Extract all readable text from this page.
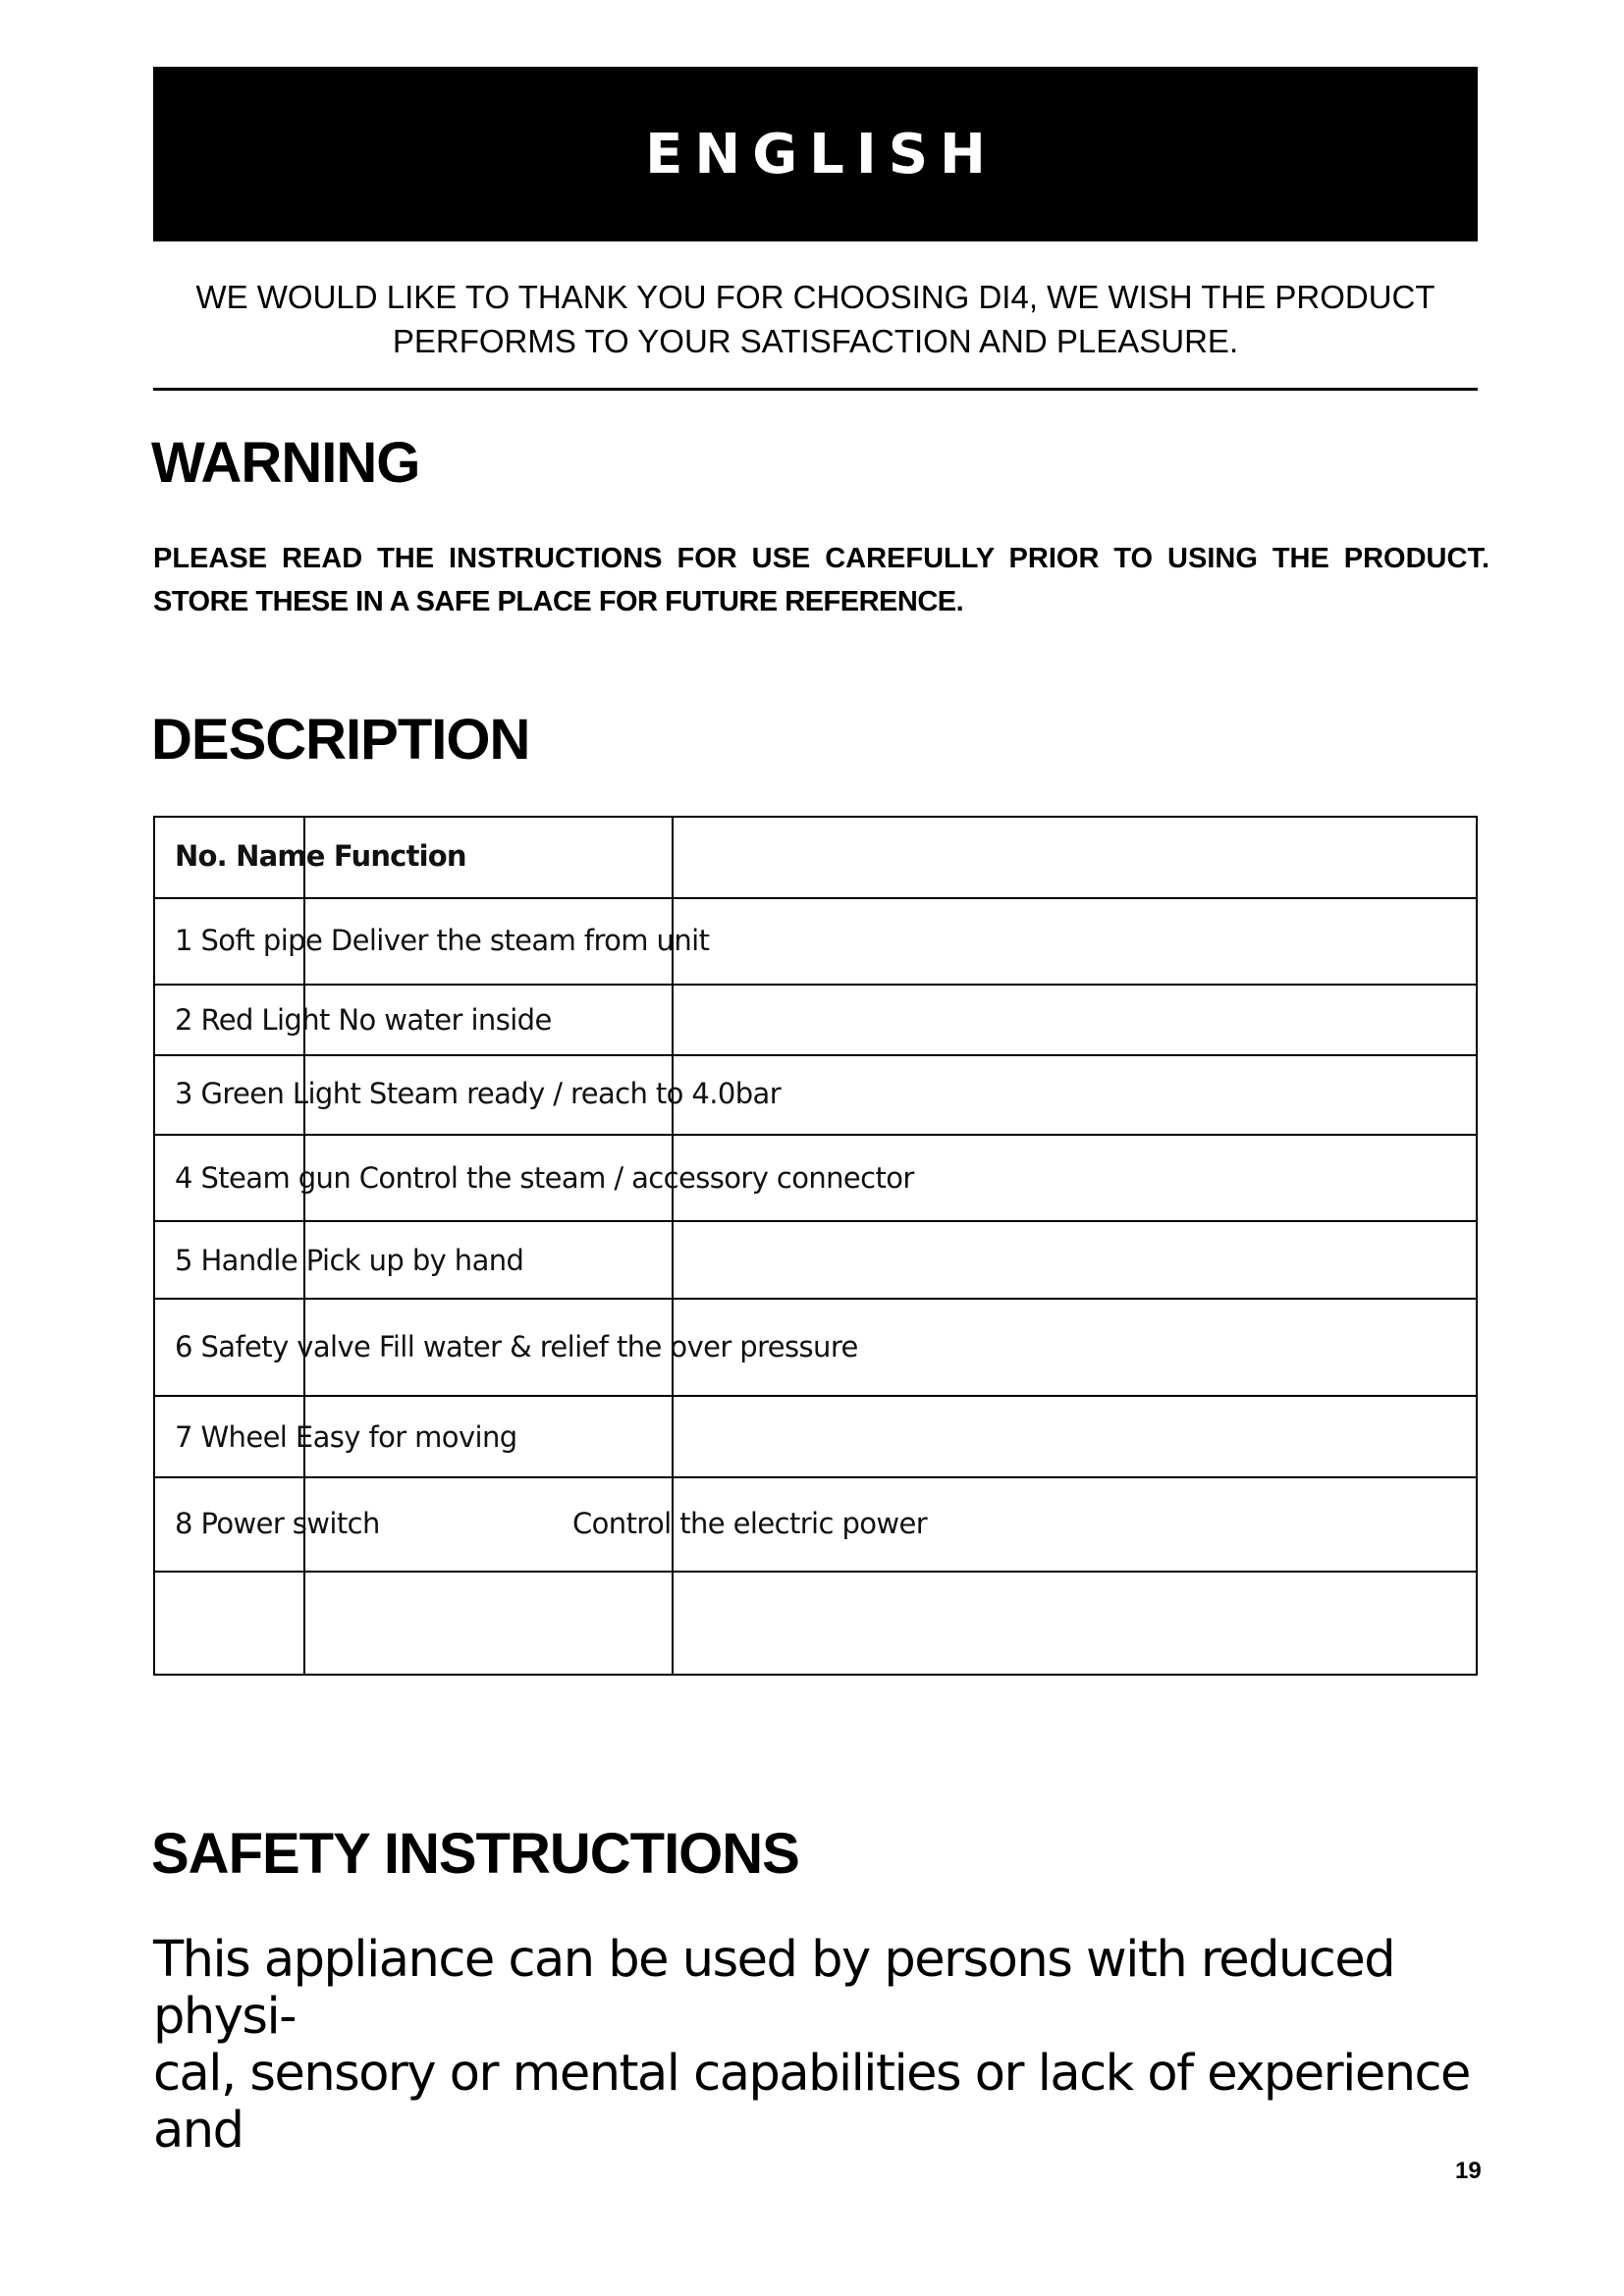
ENGLISH
WE WOULD LIKE TO THANK YOU FOR CHOOSING DI4, WE WISH THE PRODUCT
PERFORMS TO YOUR SATISFACTION AND PLEASURE.
WARNING
PLEASE READ THE INSTRUCTIONS FOR USE CAREFULLY PRIOR TO USING THE PRODUCT.
STORE THESE IN A SAFE PLACE FOR FUTURE REFERENCE.
DESCRIPTION
No. Name Function
1 Soft pipe Deliver the steam from unit
2 Red Light No water inside
3 Green Light Steam ready / reach to 4.0bar
4 Steam gun Control the steam / accessory connector
5 Handle Pick up by hand
6 Safety valve Fill water & relief the over pressure
7 Wheel Easy for moving
8 Power switch	Control the electric power
SAFETY INSTRUCTIONS
This appliance can be used by persons with reduced physi-
cal, sensory or mental capabilities or lack of experience and
19
